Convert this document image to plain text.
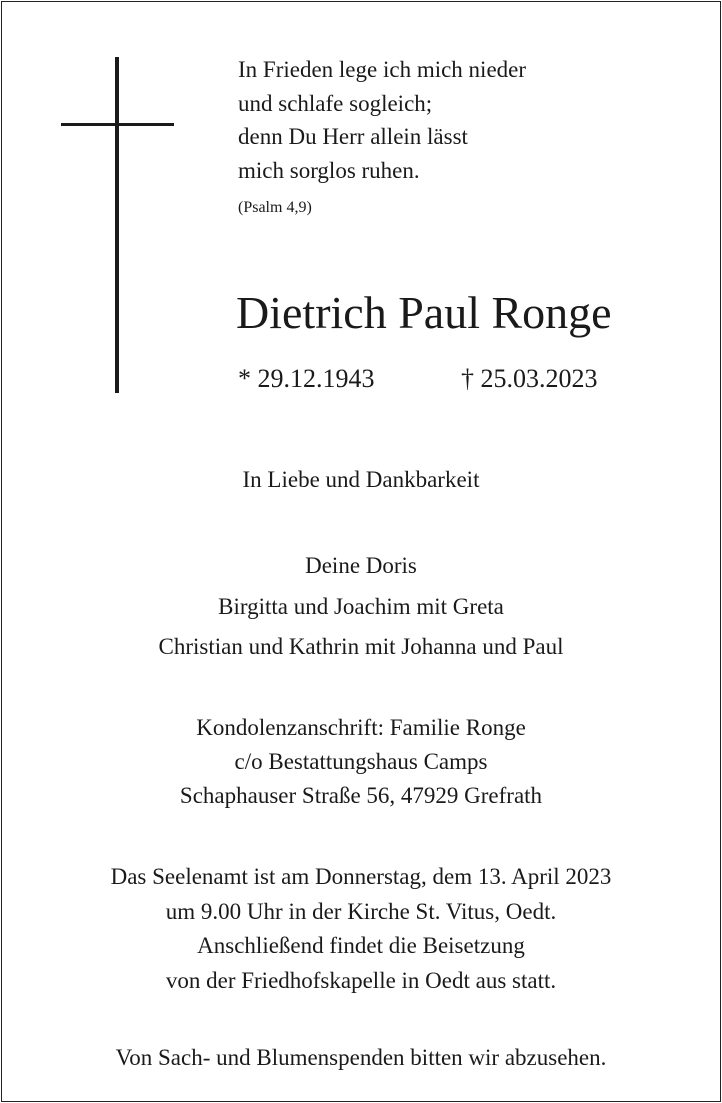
In Frieden lege ich mich nieder
und schlafe sogleich;
denn Du Herr allein lässt
mich sorglos ruhen.
(Psalm 4,9)
Dietrich Paul Ronge
* 29.12.1943	† 25.03.2023
In Liebe und Dankbarkeit
Deine Doris
Birgitta und Joachim mit Greta
Christian und Kathrin mit Johanna und Paul
Kondolenzanschrift: Familie Ronge
c/o Bestattungshaus Camps
Schaphauser Straße 56, 47929 Grefrath
Das Seelenamt ist am Donnerstag, dem 13. April 2023
um 9.00 Uhr in der Kirche St. Vitus, Oedt.
Anschließend findet die Beisetzung
von der Friedhofskapelle in Oedt aus statt.
Von Sach- und Blumenspenden bitten wir abzusehen.
